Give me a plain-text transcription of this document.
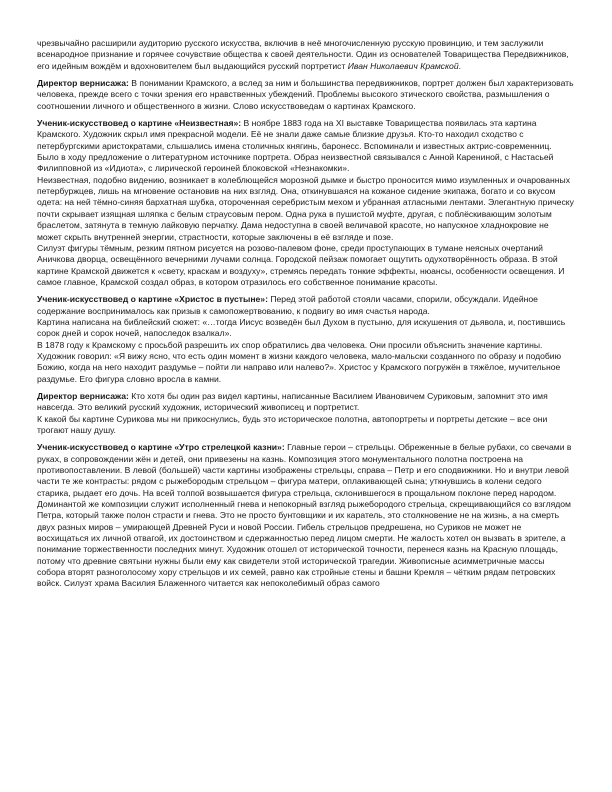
чрезвычайно расширили аудиторию русского искусства, включив в неё многочисленную русскую провинцию, и тем заслужили всенародное признание и горячее сочувствие общества к своей деятельности. Один из основателей Товарищества Передвижников, его идейным вождём и вдохновителем был выдающийся русский портретист Иван Николаевич Крамской.

Директор вернисажа: В понимании Крамского, а вслед за ним и большинства передвижников, портрет должен был характеризовать человека, прежде всего с точки зрения его нравственных убеждений. Проблемы высокого этического свойства, размышления о соотношении личного и общественного в жизни. Слово искусствоведам о картинах Крамского.

Ученик-искусствовед о картине «Неизвестная»: В ноябре 1883 года на XI выставке Товарищества появилась эта картина Крамского. Художник скрыл имя прекрасной модели. Её не знали даже самые близкие друзья. Кто-то находил сходство с петербургскими аристократами, слышались имена столичных княгинь, баронесс. Вспоминали и известных актрис-современниц. Было в ходу предложение о литературном источнике портрета. Образ неизвестной связывался с Анной Карениной, с Настасьей Филипповной из «Идиота», с лирической героиней блоковской «Незнакомки».

Неизвестная, подобно видению, возникает в колеблющейся морозной дымке и быстро проносится мимо изумленных и очарованных петербуржцев, лишь на мгновение остановив на них взгляд. Она, откинувшаяся на кожаное сидение экипажа, богато и со вкусом одета: на ней тёмно-синяя бархатная шубка, отороченная серебристым мехом и убранная атласными лентами. Элегантную прическу почти скрывает изящная шляпка с белым страусовым пером. Одна рука в пушистой муфте, другая, с поблёскивающим золотым браслетом, затянута в темную лайковую перчатку. Дама недоступна в своей величавой красоте, но напускное хладнокровие не может скрыть внутренней энергии, страстности, которые заключены в её взгляде и позе.

Силуэт фигуры тёмным, резким пятном рисуется на розово-палевом фоне, среди проступающих в тумане неясных очертаний Аничкова дворца, освещённого вечерними лучами солнца. Городской пейзаж помогает ощутить одухотворённость образа. В этой картине Крамской движется к «свету, краскам и воздуху», стремясь передать тонкие эффекты, нюансы, особенности освещения. И самое главное, Крамской создал образ, в котором отразилось его собственное понимание красоты.

Ученик-искусствовед о картине «Христос в пустыне»: Перед этой работой стояли часами, спорили, обсуждали. Идейное содержание воспринималось как призыв к самопожертвованию, к подвигу во имя счастья народа.

Картина написана на библейский сюжет: «…тогда Иисус возведён был Духом в пустыню, для искушения от дьявола, и, постившись сорок дней и сорок ночей, напоследок взалкал».

В 1878 году к Крамскому с просьбой разрешить их спор обратились два человека. Они просили объяснить значение картины. Художник говорил: «Я вижу ясно, что есть один момент в жизни каждого человека, мало-мальски созданного по образу и подобию Божию, когда на него находит раздумье – пойти ли направо или налево?». Христос у Крамского погружён в тяжёлое, мучительное раздумье. Его фигура словно вросла в камни.

Директор вернисажа: Кто хотя бы один раз видел картины, написанные Василием Ивановичем Суриковым, запомнит это имя навсегда. Это великий русский художник, исторический живописец и портретист.

К какой бы картине Сурикова мы ни прикоснулись, будь это историческое полотна, автопортреты и портреты детские – все они трогают нашу душу.

Ученик-искусствовед о картине «Утро стрелецкой казни»: Главные герои – стрельцы. Обреженные в белые рубахи, со свечами в руках, в сопровождении жён и детей, они привезены на казнь. Композиция этого монументального полотна построена на противопоставлении. В левой (большей) части картины изображены стрельцы, справа – Петр и его сподвижники. Но и внутри левой части те же контрасты: рядом с рыжебородым стрельцом – фигура матери, оплакивающей сына; уткнувшись в колени седого старика, рыдает его дочь. На всей толпой возвышается фигура стрельца, склонившегося в прощальном поклоне перед народом. Доминантой же композиции служит исполненный гнева и непокорный взгляд рыжебородого стрельца, скрещивающийся со взглядом Петра, который также полон страсти и гнева. Это не просто бунтовщики и их каратель, это столкновение не на жизнь, а на смерть двух разных миров – умирающей Древней Руси и новой России. Гибель стрельцов предрешена, но Суриков не может не восхищаться их личной отвагой, их достоинством и сдержанностью перед лицом смерти. Не жалость хотел он вызвать в зрителе, а понимание торжественности последних минут. Художник отошел от исторической точности, перенеся казнь на Красную площадь, потому что древние святыни нужны были ему как свидетели этой исторической трагедии. Живописные асимметричные массы собора вторят разноголосому хору стрельцов и их семей, равно как стройные стены и башни Кремля – чётким рядам петровских войск. Силуэт храма Василия Блаженного читается как непоколебимый образ самого
